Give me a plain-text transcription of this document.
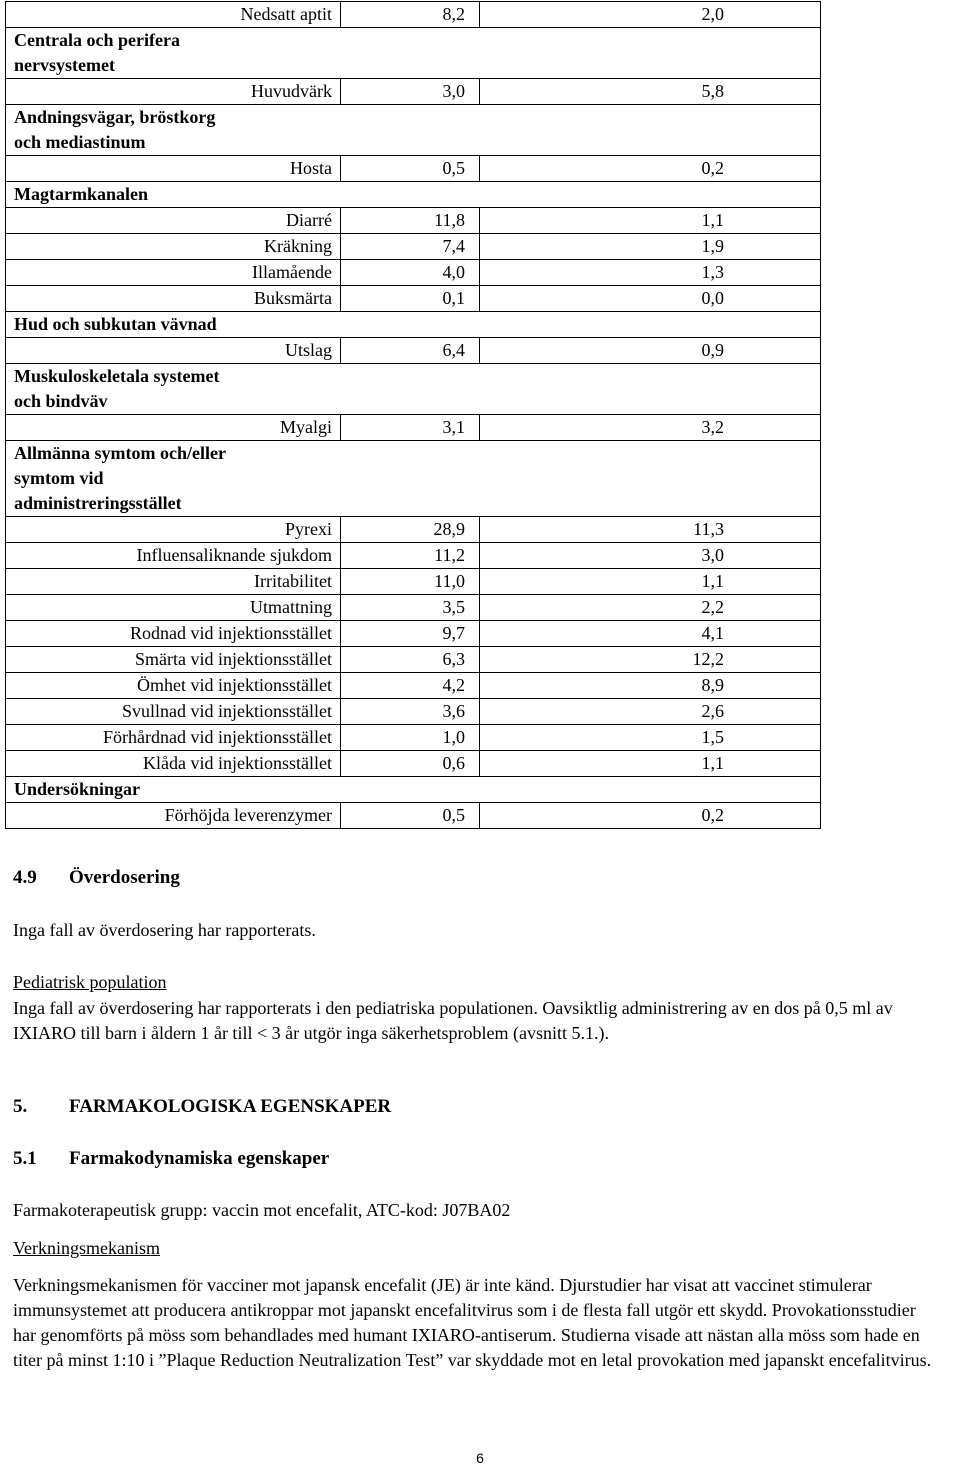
Nedsatt aptit	8,2	2,0

Centrala och perifera nervsystemet		

Huvudvärk	3,0	5,8

Andningsvägar, bröstkorg och mediastinum		

Hosta	0,5	0,2

Magtarmkanalen		

Diarré	11,8	1,1
Kräkning	7,4	1,9
Illamående	4,0	1,3
Buksmärta	0,1	0,0

Hud och subkutan vävnad		

Utslag	6,4	0,9

Muskuloskeletala systemet och bindväv		

Myalgi	3,1	3,2

Allmänna symtom och/eller symtom vid administreringsstället		

Pyrexi	28,9	11,3
Influensaliknande sjukdom	11,2	3,0
Irritabilitet	11,0	1,1
Utmattning	3,5	2,2
Rodnad vid injektionsstället	9,7	4,1
Smärta vid injektionsstället	6,3	12,2
Ömhet vid injektionsstället	4,2	8,9
Svullnad vid injektionsstället	3,6	2,6
Förhårdnad vid injektionsstället	1,0	1,5
Klåda vid injektionsstället	0,6	1,1

Undersökningar		

Förhöjda leverenzymer	0,5	0,2
4.9 Överdosering

Inga fall av överdosering har rapporterats.

Pediatrisk population

Inga fall av överdosering har rapporterats i den pediatriska populationen. Oavsiktlig administrering av en dos på 0,5 ml av IXIARO till barn i åldern 1 år till < 3 år utgör inga säkerhetsproblem (avsnitt 5.1.).

5. FARMAKOLOGISKA EGENSKAPER
5.1 Farmakodynamiska egenskaper

Farmakoterapeutisk grupp: vaccin mot encefalit, ATC-kod: J07BA02

Verkningsmekanism

Verkningsmekanismen för vacciner mot japansk encefalit (JE) är inte känd. Djurstudier har visat att vaccinet stimulerar immunsystemet att producera antikroppar mot japanskt encefalitvirus som i de flesta fall utgör ett skydd. Provokationsstudier har genomförts på möss som behandlades med humant IXIARO-antiserum. Studierna visade att nästan alla möss som hade en titer på minst 1:10 i ”Plaque Reduction Neutralization Test” var skyddade mot en letal provokation med japanskt encefalitvirus.

6
